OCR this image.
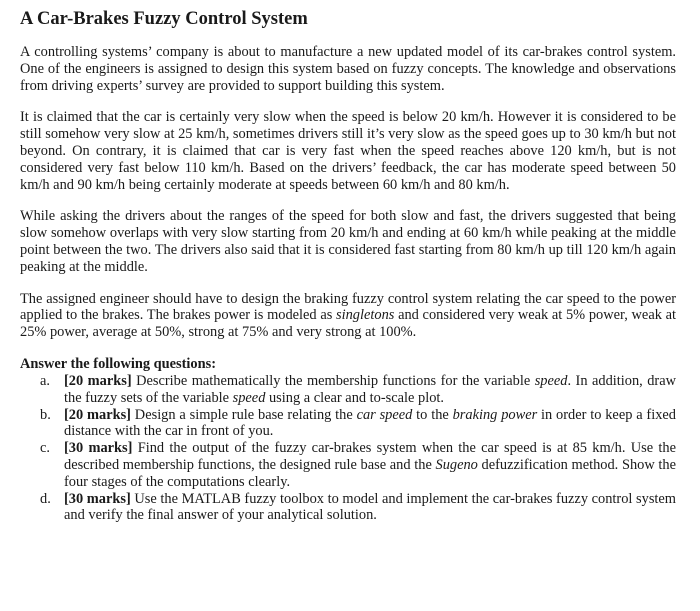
A Car-Brakes Fuzzy Control System

A controlling systems’ company is about to manufacture a new updated model of its car-brakes control system. One of the engineers is assigned to design this system based on fuzzy concepts. The knowledge and observations from driving experts’ survey are provided to support building this system.

It is claimed that the car is certainly very slow when the speed is below 20 km/h. However it is considered to be still somehow very slow at 25 km/h, sometimes drivers still it’s very slow as the speed goes up to 30 km/h but not beyond. On contrary, it is claimed that car is very fast when the speed reaches above 120 km/h, but is not considered very fast below 110 km/h. Based on the drivers’ feedback, the car has moderate speed between 50 km/h and 90 km/h being certainly moderate at speeds between 60 km/h and 80 km/h.

While asking the drivers about the ranges of the speed for both slow and fast, the drivers suggested that being slow somehow overlaps with very slow starting from 20 km/h and ending at 60 km/h while peaking at the middle point between the two. The drivers also said that it is considered fast starting from 80 km/h up till 120 km/h again peaking at the middle.

The assigned engineer should have to design the braking fuzzy control system relating the car speed to the power applied to the brakes. The brakes power is modeled as singletons and considered very weak at 5% power, weak at 25% power, average at 50%, strong at 75% and very strong at 100%.

Answer the following questions:
a. [20 marks] Describe mathematically the membership functions for the variable speed. In addition, draw the fuzzy sets of the variable speed using a clear and to-scale plot.
b. [20 marks] Design a simple rule base relating the car speed to the braking power in order to keep a fixed distance with the car in front of you.
c. [30 marks] Find the output of the fuzzy car-brakes system when the car speed is at 85 km/h. Use the described membership functions, the designed rule base and the Sugeno defuzzification method. Show the four stages of the computations clearly.
d. [30 marks] Use the MATLAB fuzzy toolbox to model and implement the car-brakes fuzzy control system and verify the final answer of your analytical solution.
